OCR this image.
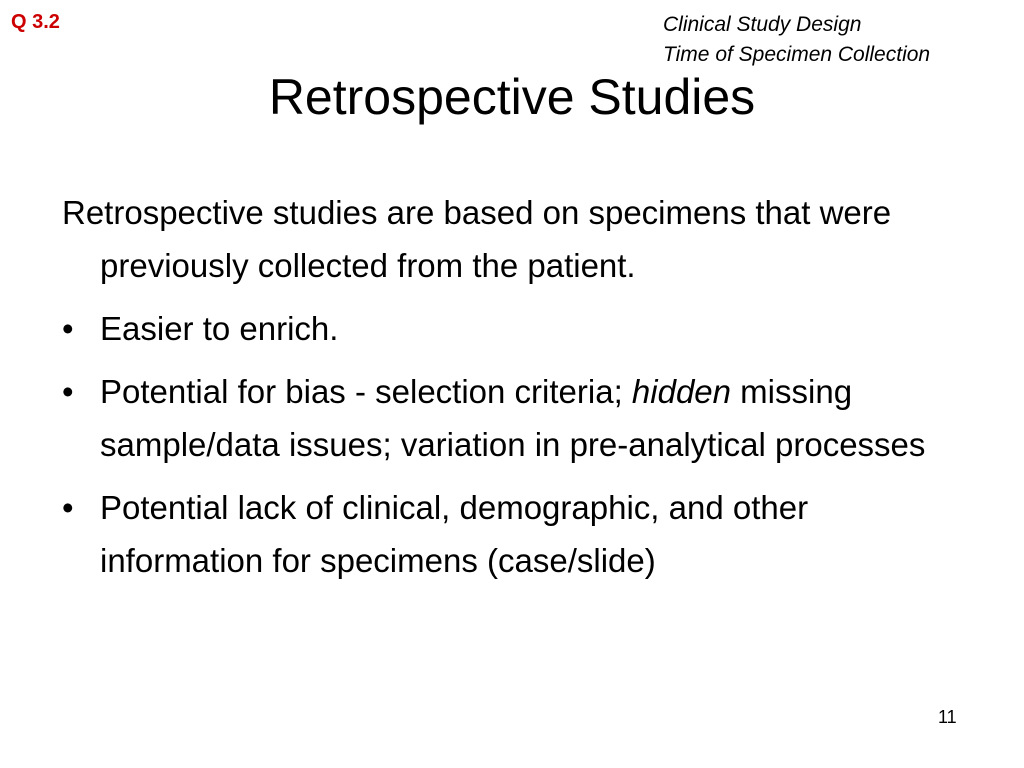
Q 3.2	Clinical Study Design
Time of Specimen Collection
Retrospective Studies

Retrospective studies are based on specimens that were previously collected from the patient.

• Easier to enrich.
• Potential for bias - selection criteria; hidden missing sample/data issues; variation in pre-analytical processes
• Potential lack of clinical, demographic, and other information for specimens (case/slide)
11
